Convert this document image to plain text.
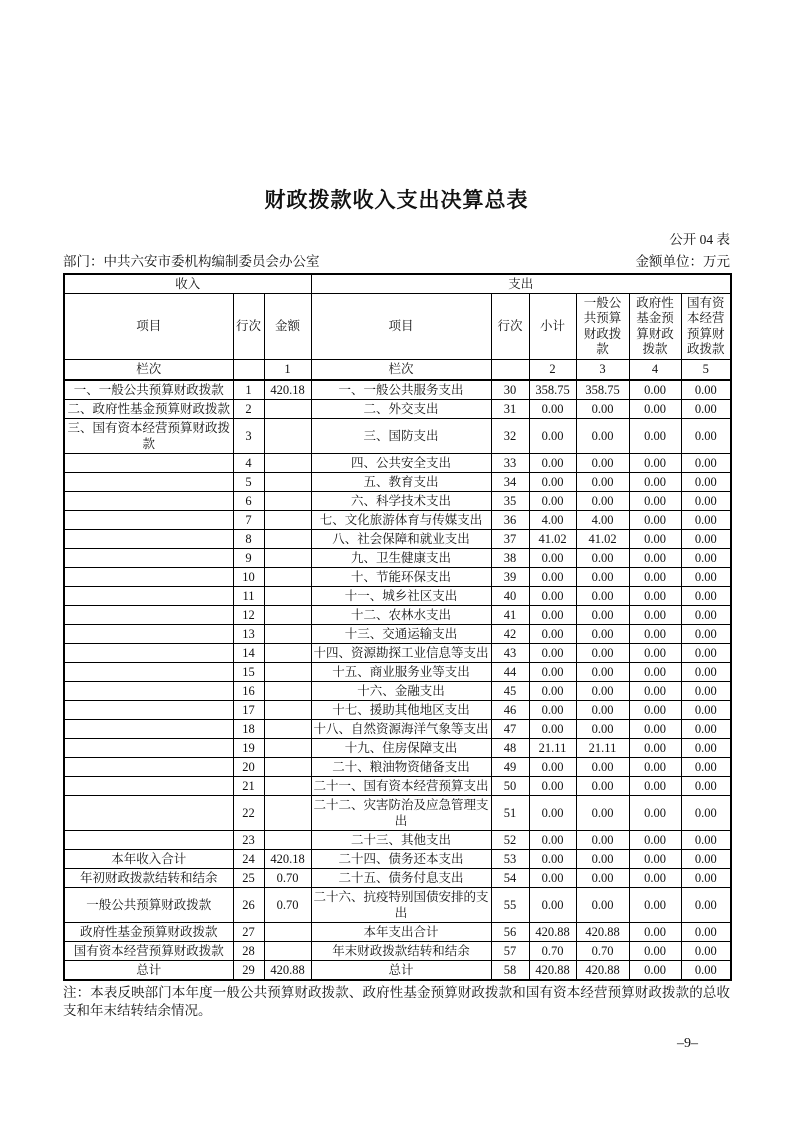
财政拨款收入支出决算总表
公开 04 表
部门：中共六安市委机构编制委员会办公室	金额单位：万元
收入			支出					
项目	行次	金额	项目	行次	小计	一般公共预算财政拨款	政府性基金预算财政拨款	国有资本经营预算财政拨款
栏次		1	栏次		2	3	4	5
一、一般公共预算财政拨款	1	420.18	一、一般公共服务支出	30	358.75	358.75	0.00	0.00
二、政府性基金预算财政拨款	2		二、外交支出	31	0.00	0.00	0.00	0.00
三、国有资本经营预算财政拨款	3		三、国防支出	32	0.00	0.00	0.00	0.00
	4		四、公共安全支出	33	0.00	0.00	0.00	0.00
	5		五、教育支出	34	0.00	0.00	0.00	0.00
	6		六、科学技术支出	35	0.00	0.00	0.00	0.00
	7		七、文化旅游体育与传媒支出	36	4.00	4.00	0.00	0.00
	8		八、社会保障和就业支出	37	41.02	41.02	0.00	0.00
	9		九、卫生健康支出	38	0.00	0.00	0.00	0.00
	10		十、节能环保支出	39	0.00	0.00	0.00	0.00
	11		十一、城乡社区支出	40	0.00	0.00	0.00	0.00
	12		十二、农林水支出	41	0.00	0.00	0.00	0.00
	13		十三、交通运输支出	42	0.00	0.00	0.00	0.00
	14		十四、资源勘探工业信息等支出	43	0.00	0.00	0.00	0.00
	15		十五、商业服务业等支出	44	0.00	0.00	0.00	0.00
	16		十六、金融支出	45	0.00	0.00	0.00	0.00
	17		十七、援助其他地区支出	46	0.00	0.00	0.00	0.00
	18		十八、自然资源海洋气象等支出	47	0.00	0.00	0.00	0.00
	19		十九、住房保障支出	48	21.11	21.11	0.00	0.00
	20		二十、粮油物资储备支出	49	0.00	0.00	0.00	0.00
	21		二十一、国有资本经营预算支出	50	0.00	0.00	0.00	0.00
	22		二十二、灾害防治及应急管理支出	51	0.00	0.00	0.00	0.00
	23		二十三、其他支出	52	0.00	0.00	0.00	0.00
本年收入合计	24	420.18	二十四、债务还本支出	53	0.00	0.00	0.00	0.00
年初财政拨款结转和结余	25	0.70	二十五、债务付息支出	54	0.00	0.00	0.00	0.00
一般公共预算财政拨款	26	0.70	二十六、抗疫特别国债安排的支出	55	0.00	0.00	0.00	0.00
政府性基金预算财政拨款	27		本年支出合计	56	420.88	420.88	0.00	0.00
国有资本经营预算财政拨款	28		年末财政拨款结转和结余	57	0.70	0.70	0.00	0.00
总计	29	420.88	总计	58	420.88	420.88	0.00	0.00
注：本表反映部门本年度一般公共预算财政拨款、政府性基金预算财政拨款和国有资本经营预算财政拨款的总收支和年末结转结余情况。
–9–
